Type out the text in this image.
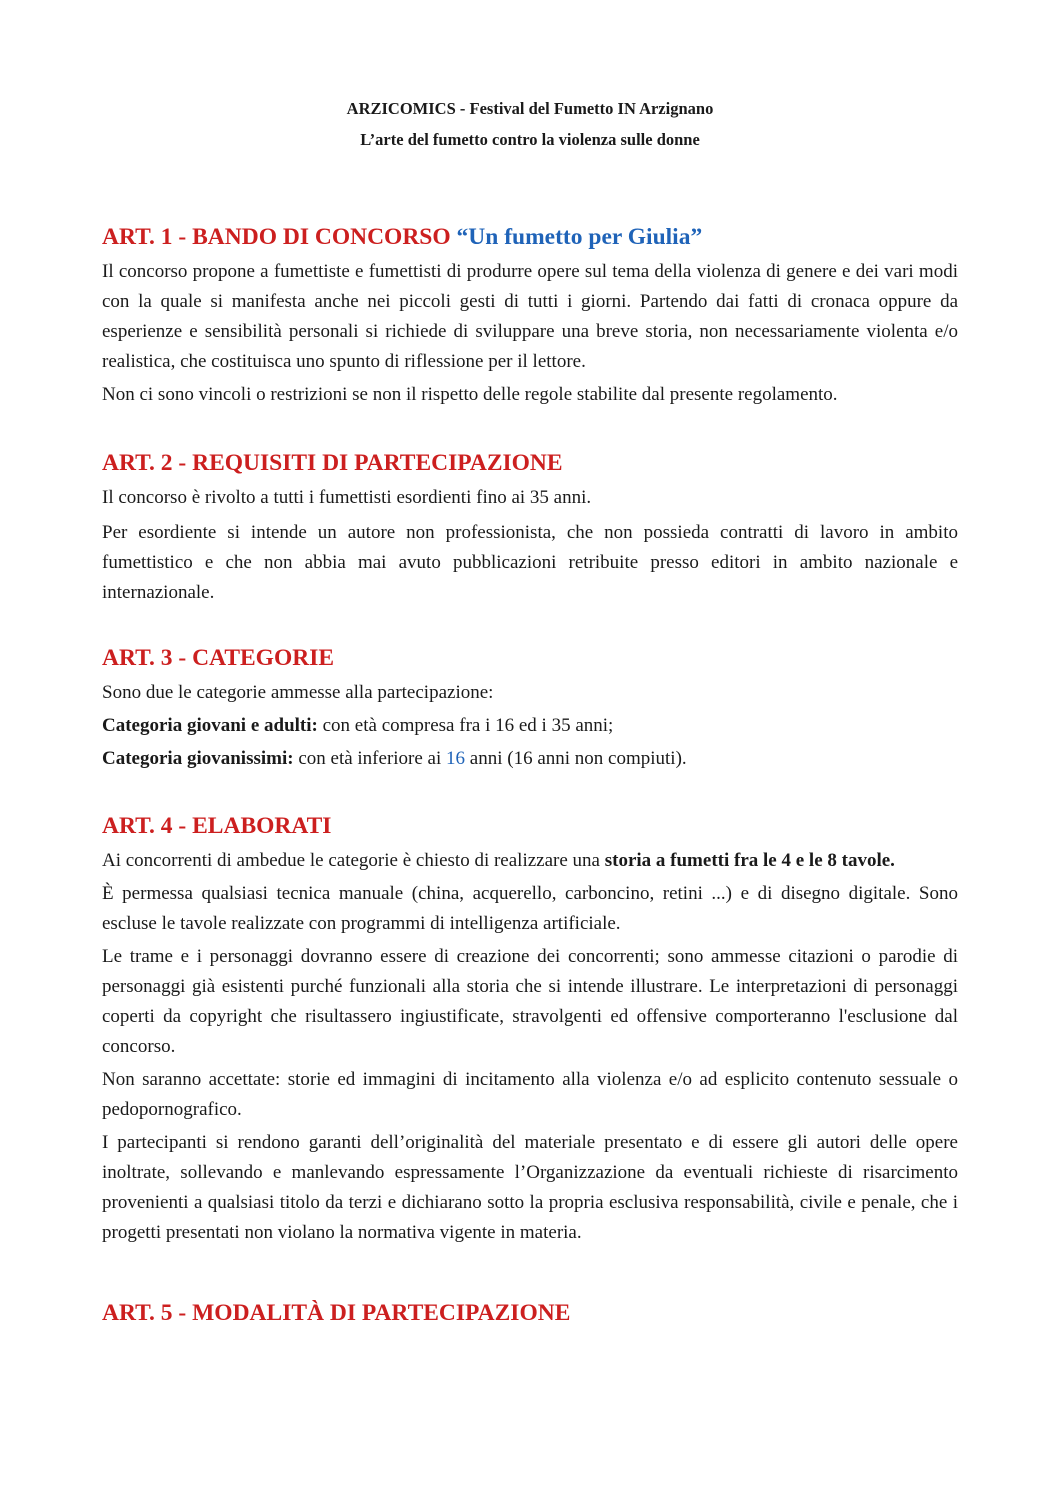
ARZICOMICS - Festival del Fumetto IN Arzignano

L’arte del fumetto contro la violenza sulle donne

ART. 1 - BANDO DI CONCORSO “Un fumetto per Giulia”

Il concorso propone a fumettiste e fumettisti di produrre opere sul tema della violenza di genere e dei vari modi con la quale si manifesta anche nei piccoli gesti di tutti i giorni. Partendo dai fatti di cronaca oppure da esperienze e sensibilità personali si richiede di sviluppare una breve storia, non necessariamente violenta e/o realistica, che costituisca uno spunto di riflessione per il lettore.

Non ci sono vincoli o restrizioni se non il rispetto delle regole stabilite dal presente regolamento.

ART. 2 - REQUISITI DI PARTECIPAZIONE

Il concorso è rivolto a tutti i fumettisti esordienti fino ai 35 anni.

Per esordiente si intende un autore non professionista, che non possieda contratti di lavoro in ambito fumettistico e che non abbia mai avuto pubblicazioni retribuite presso editori in ambito nazionale e internazionale.

ART. 3 - CATEGORIE

Sono due le categorie ammesse alla partecipazione:

Categoria giovani e adulti: con età compresa fra i 16 ed i 35 anni;

Categoria giovanissimi: con età inferiore ai 16 anni (16 anni non compiuti).

ART. 4 - ELABORATI

Ai concorrenti di ambedue le categorie è chiesto di realizzare una storia a fumetti fra le 4 e le 8 tavole.

È permessa qualsiasi tecnica manuale (china, acquerello, carboncino, retini ...) e di disegno digitale. Sono escluse le tavole realizzate con programmi di intelligenza artificiale.

Le trame e i personaggi dovranno essere di creazione dei concorrenti; sono ammesse citazioni o parodie di personaggi già esistenti purché funzionali alla storia che si intende illustrare. Le interpretazioni di personaggi coperti da copyright che risultassero ingiustificate, stravolgenti ed offensive comporteranno l'esclusione dal concorso.

Non saranno accettate: storie ed immagini di incitamento alla violenza e/o ad esplicito contenuto sessuale o pedopornografico.

I partecipanti si rendono garanti dell’originalità del materiale presentato e di essere gli autori delle opere inoltrate, sollevando e manlevando espressamente l’Organizzazione da eventuali richieste di risarcimento provenienti a qualsiasi titolo da terzi e dichiarano sotto la propria esclusiva responsabilità, civile e penale, che i progetti presentati non violano la normativa vigente in materia.

ART. 5 - MODALITÀ DI PARTECIPAZIONE
